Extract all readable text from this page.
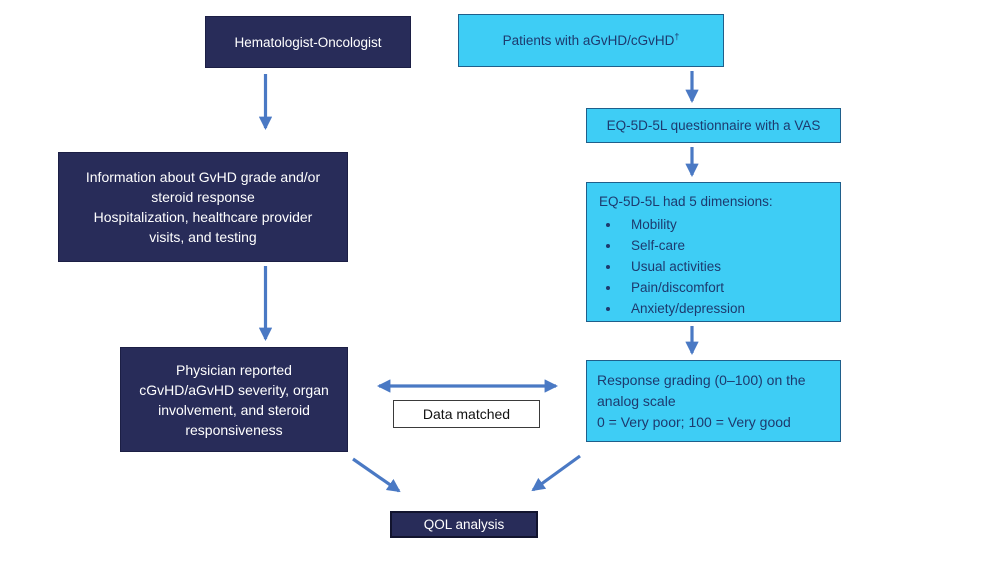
Hematologist-Oncologist	Patients with aGvHD/cGvHD†
Information about GvHD grade and/or
steroid response
Hospitalization, healthcare provider
visits, and testing
EQ-5D-5L questionnaire with a VAS
EQ-5D-5L had 5 dimensions:
• Mobility
• Self-care
• Usual activities
• Pain/discomfort
• Anxiety/depression
Physician reported
cGvHD/aGvHD severity, organ
involvement, and steroid
responsiveness
Data matched
Response grading (0–100) on the
analog scale
0 = Very poor; 100 = Very good
QOL analysis
